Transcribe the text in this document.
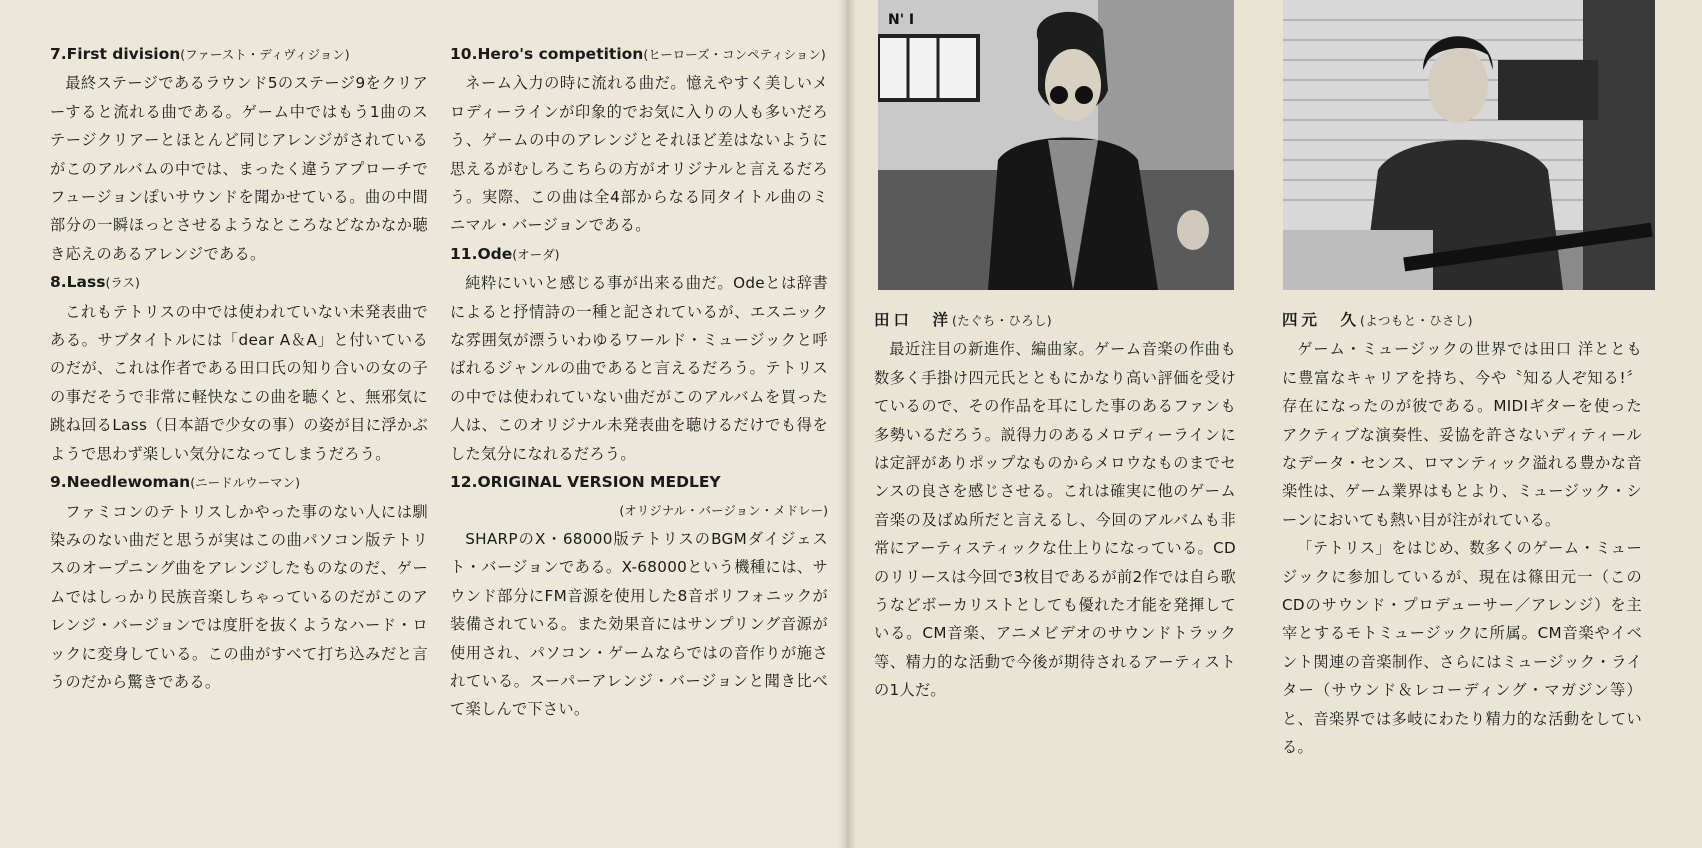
7.First division(ファースト・ディヴィジョン)

最終ステージであるラウンド5のステージ9をクリアーすると流れる曲である。ゲーム中ではもう1曲のステージクリアーとほとんど同じアレンジがされているがこのアルバムの中では、まったく違うアプローチでフュージョンぽいサウンドを聞かせている。曲の中間部分の一瞬ほっとさせるようなところなどなかなか聴き応えのあるアレンジである。

8.Lass(ラス)

これもテトリスの中では使われていない未発表曲である。サブタイトルには「dear A＆A」と付いているのだが、これは作者である田口氏の知り合いの女の子の事だそうで非常に軽快なこの曲を聴くと、無邪気に跳ね回るLass（日本語で少女の事）の姿が目に浮かぶようで思わず楽しい気分になってしまうだろう。

9.Needlewoman(ニードルウーマン)

ファミコンのテトリスしかやった事のない人には馴染みのない曲だと思うが実はこの曲パソコン版テトリスのオープニング曲をアレンジしたものなのだ、ゲームではしっかり民族音楽しちゃっているのだがこのアレンジ・バージョンでは度肝を抜くようなハード・ロックに変身している。この曲がすべて打ち込みだと言うのだから驚きである。

10.Hero's competition(ヒーローズ・コンペティション)

ネーム入力の時に流れる曲だ。憶えやすく美しいメロディーラインが印象的でお気に入りの人も多いだろう、ゲームの中のアレンジとそれほど差はないように思えるがむしろこちらの方がオリジナルと言えるだろう。実際、この曲は全4部からなる同タイトル曲のミニマル・バージョンである。

11.Ode(オーダ)

純粋にいいと感じる事が出来る曲だ。Odeとは辞書によると抒情詩の一種と記されているが、エスニックな雰囲気が漂ういわゆるワールド・ミュージックと呼ばれるジャンルの曲であると言えるだろう。テトリスの中では使われていない曲だがこのアルバムを買った人は、このオリジナル未発表曲を聴けるだけでも得をした気分になれるだろう。

12.ORIGINAL VERSION MEDLEY
(オリジナル・バージョン・メドレー)

SHARPのX・68000版テトリスのBGMダイジェスト・バージョンである。X-68000という機種には、サウンド部分にFM音源を使用した8音ポリフォニックが装備されている。また効果音にはサンプリング音源が使用され、パソコン・ゲームならではの音作りが施されている。スーパーアレンジ・バージョンと聞き比べて楽しんで下さい。

N' I
田口　洋(たぐち・ひろし)

最近注目の新進作、編曲家。ゲーム音楽の作曲も数多く手掛け四元氏とともにかなり高い評価を受けているので、その作品を耳にした事のあるファンも多勢いるだろう。説得力のあるメロディーラインには定評がありポップなものからメロウなものまでセンスの良さを感じさせる。これは確実に他のゲーム音楽の及ばぬ所だと言えるし、今回のアルバムも非常にアーティスティックな仕上りになっている。CDのリリースは今回で3枚目であるが前2作では自ら歌うなどボーカリストとしても優れた才能を発揮している。CM音楽、アニメビデオのサウンドトラック等、精力的な活動で今後が期待されるアーティストの1人だ。

四元　久(よつもと・ひさし)

ゲーム・ミュージックの世界では田口 洋とともに豊富なキャリアを持ち、今や〝知る人ぞ知る!〞存在になったのが彼である。MIDIギターを使ったアクティブな演奏性、妥協を許さないディティールなデータ・センス、ロマンティック溢れる豊かな音楽性は、ゲーム業界はもとより、ミュージック・シーンにおいても熱い目が注がれている。

「テトリス」をはじめ、数多くのゲーム・ミュージックに参加しているが、現在は篠田元一（このCDのサウンド・プロデューサー／アレンジ）を主宰とするモトミュージックに所属。CM音楽やイベント関連の音楽制作、さらにはミュージック・ライター（サウンド＆レコーディング・マガジン等）と、音楽界では多岐にわたり精力的な活動をしている。
